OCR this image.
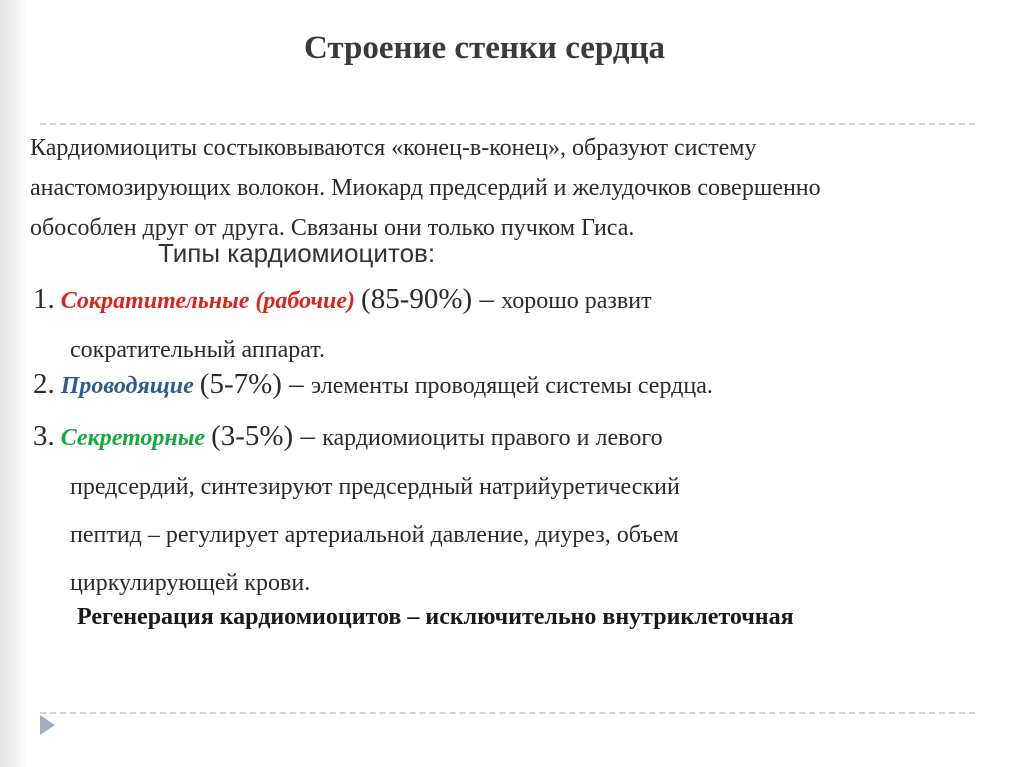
Строение стенки сердца
Кардиомиоциты состыковываются «конец-в-конец», образуют систему
анастомозирующих волокон. Миокард предсердий и желудочков совершенно
обособлен друг от друга. Связаны они только пучком Гиса.
Типы кардиомиоцитов:
1. Сократительные (рабочие) (85-90%) – хорошо развит
сократительный аппарат.
2. Проводящие (5-7%) – элементы проводящей системы сердца.
3. Секреторные (3-5%) – кардиомиоциты правого и левого
предсердий, синтезируют предсердный натрийуретический
пептид – регулирует артериальной давление, диурез, объем
циркулирующей крови.
Регенерация кардиомиоцитов – исключительно внутриклеточная
